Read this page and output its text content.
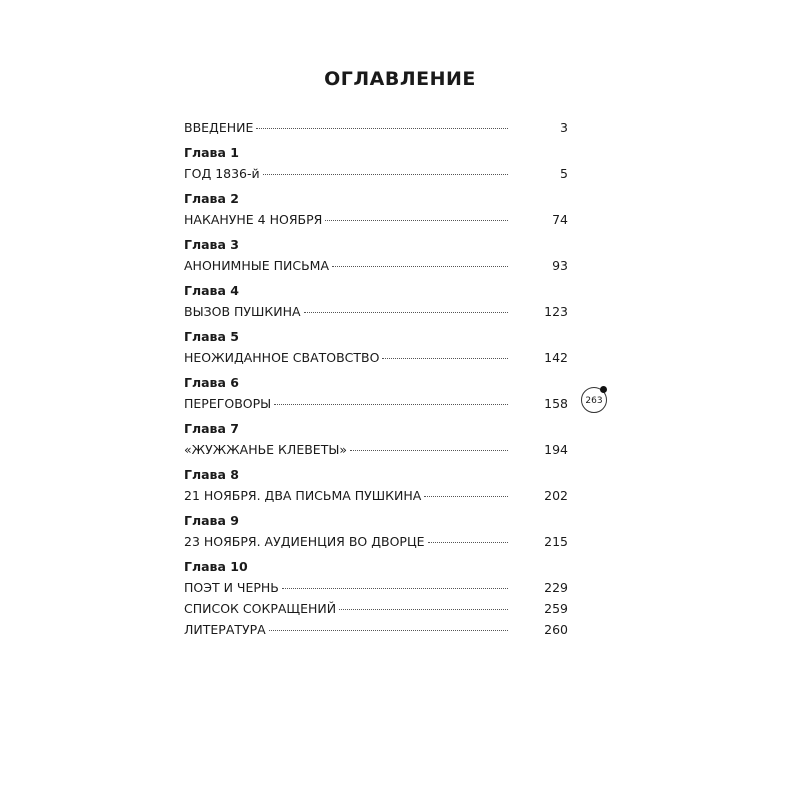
ОГЛАВЛЕНИЕ
ВВЕДЕНИЕ	3
Глава 1
ГОД 1836-й	5
Глава 2
НАКАНУНЕ 4 НОЯБРЯ	74
Глава 3
АНОНИМНЫЕ ПИСЬМА	93
Глава 4
ВЫЗОВ ПУШКИНА	123
Глава 5
НЕОЖИДАННОЕ СВАТОВСТВО	142
Глава 6
ПЕРЕГОВОРЫ	158
Глава 7
«ЖУЖЖАНЬЕ КЛЕВЕТЫ»	194
Глава 8
21 НОЯБРЯ. ДВА ПИСЬМА ПУШКИНА	202
Глава 9
23 НОЯБРЯ. АУДИЕНЦИЯ ВО ДВОРЦЕ	215
Глава 10
ПОЭТ И ЧЕРНЬ	229
СПИСОК СОКРАЩЕНИЙ	259
ЛИТЕРАТУРА	260
263
